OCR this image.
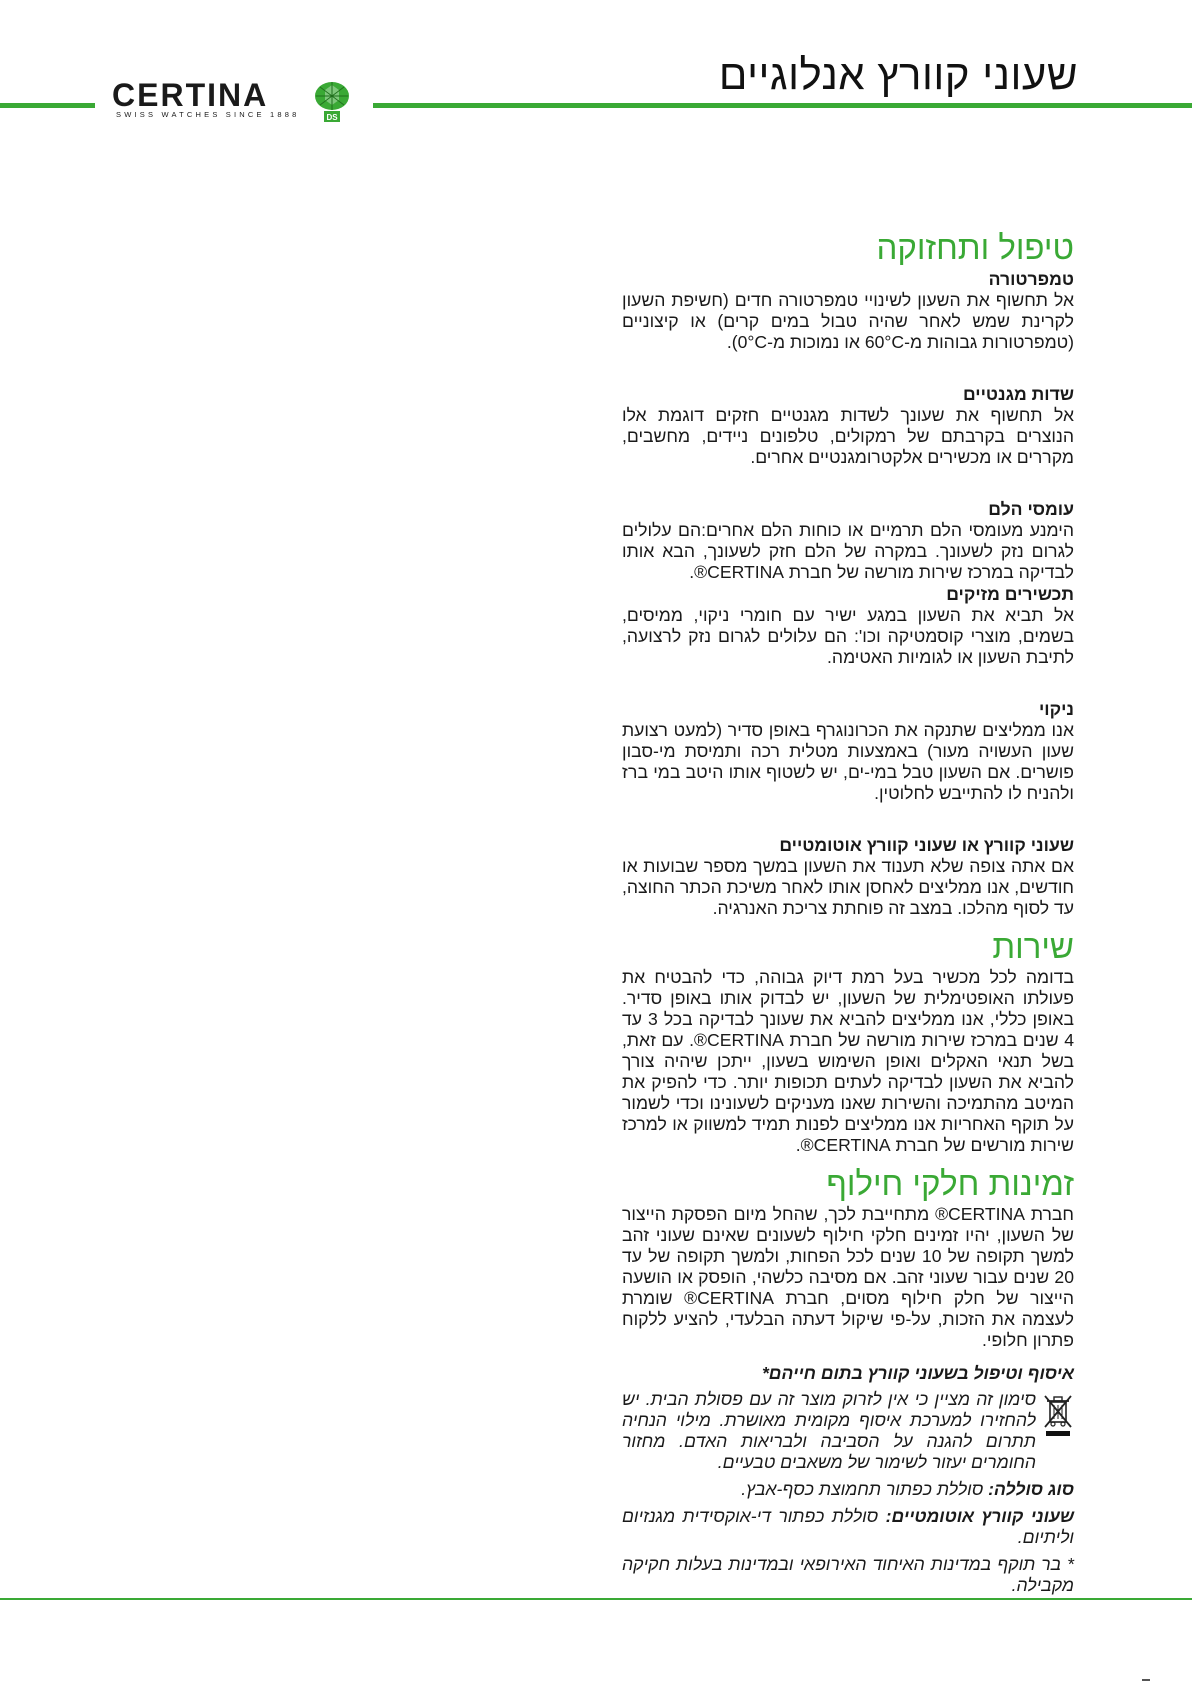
CERTINA
SWISS WATCHES SINCE 1888	DS
שעוני קוורץ אנלוגיים
טיפול ותחזוקה
טמפרטורה

אל תחשוף את השעון לשינויי טמפרטורה חדים (חשיפת השעון לקרינת שמש לאחר שהיה טבול במים קרים) או קיצוניים (טמפרטורות גבוהות מ-60°C או נמוכות מ-0°C).

שדות מגנטיים

אל תחשוף את שעונך לשדות מגנטיים חזקים דוגמת אלו הנוצרים בקרבתם של רמקולים, טלפונים ניידים, מחשבים, מקררים או מכשירים אלקטרומגנטיים אחרים.

עומסי הלם

הימנע מעומסי הלם תרמיים או כוחות הלם אחרים:הם עלולים לגרום נזק לשעונך. במקרה של הלם חזק לשעונך, הבא אותו לבדיקה במרכז שירות מורשה של חברת CERTINA®.

תכשירים מזיקים

אל תביא את השעון במגע ישיר עם חומרי ניקוי, ממיסים, בשמים, מוצרי קוסמטיקה וכו': הם עלולים לגרום נזק לרצועה, לתיבת השעון או לגומיות האטימה.

ניקוי

אנו ממליצים שתנקה את הכרונוגרף באופן סדיר (למעט רצועת שעון העשויה מעור) באמצעות מטלית רכה ותמיסת מי-סבון פושרים. אם השעון טבל במי-ים, יש לשטוף אותו היטב במי ברז ולהניח לו להתייבש לחלוטין.

שעוני קוורץ או שעוני קוורץ אוטומטיים

אם אתה צופה שלא תענוד את השעון במשך מספר שבועות או חודשים, אנו ממליצים לאחסן אותו לאחר משיכת הכתר החוצה, עד לסוף מהלכו. במצב זה פוחתת צריכת האנרגיה.

שירות

בדומה לכל מכשיר בעל רמת דיוק גבוהה, כדי להבטיח את פעולתו האופטימלית של השעון, יש לבדוק אותו באופן סדיר. באופן כללי, אנו ממליצים להביא את שעונך לבדיקה בכל 3 עד 4 שנים במרכז שירות מורשה של חברת CERTINA®. עם זאת, בשל תנאי האקלים ואופן השימוש בשעון, ייתכן שיהיה צורך להביא את השעון לבדיקה לעתים תכופות יותר. כדי להפיק את המיטב מהתמיכה והשירות שאנו מעניקים לשעונינו וכדי לשמור על תוקף האחריות אנו ממליצים לפנות תמיד למשווק או למרכז שירות מורשים של חברת CERTINA®.

זמינות חלקי חילוף

חברת CERTINA® מתחייבת לכך, שהחל מיום הפסקת הייצור של השעון, יהיו זמינים חלקי חילוף לשעונים שאינם שעוני זהב למשך תקופה של 10 שנים לכל הפחות, ולמשך תקופה של עד 20 שנים עבור שעוני זהב. אם מסיבה כלשהי, הופסק או הושעה הייצור של חלק חילוף מסוים, חברת CERTINA® שומרת לעצמה את הזכות, על-פי שיקול דעתה הבלעדי, להציע ללקוח פתרון חלופי.

איסוף וטיפול בשעוני קוורץ בתום חייהם*

סימון זה מציין כי אין לזרוק מוצר זה עם פסולת הבית. יש להחזירו למערכת איסוף מקומית מאושרת. מילוי הנחיה תתרום להגנה על הסביבה ולבריאות האדם. מחזור החומרים יעזור לשימור של משאבים טבעיים.

סוג סוללה: סוללת כפתור תחמוצת כסף-אבץ.

שעוני קוורץ אוטומטיים: סוללת כפתור די-אוקסידית מגנזיום וליתיום.

* בר תוקף במדינות האיחוד האירופאי ובמדינות בעלות חקיקה מקבילה.
